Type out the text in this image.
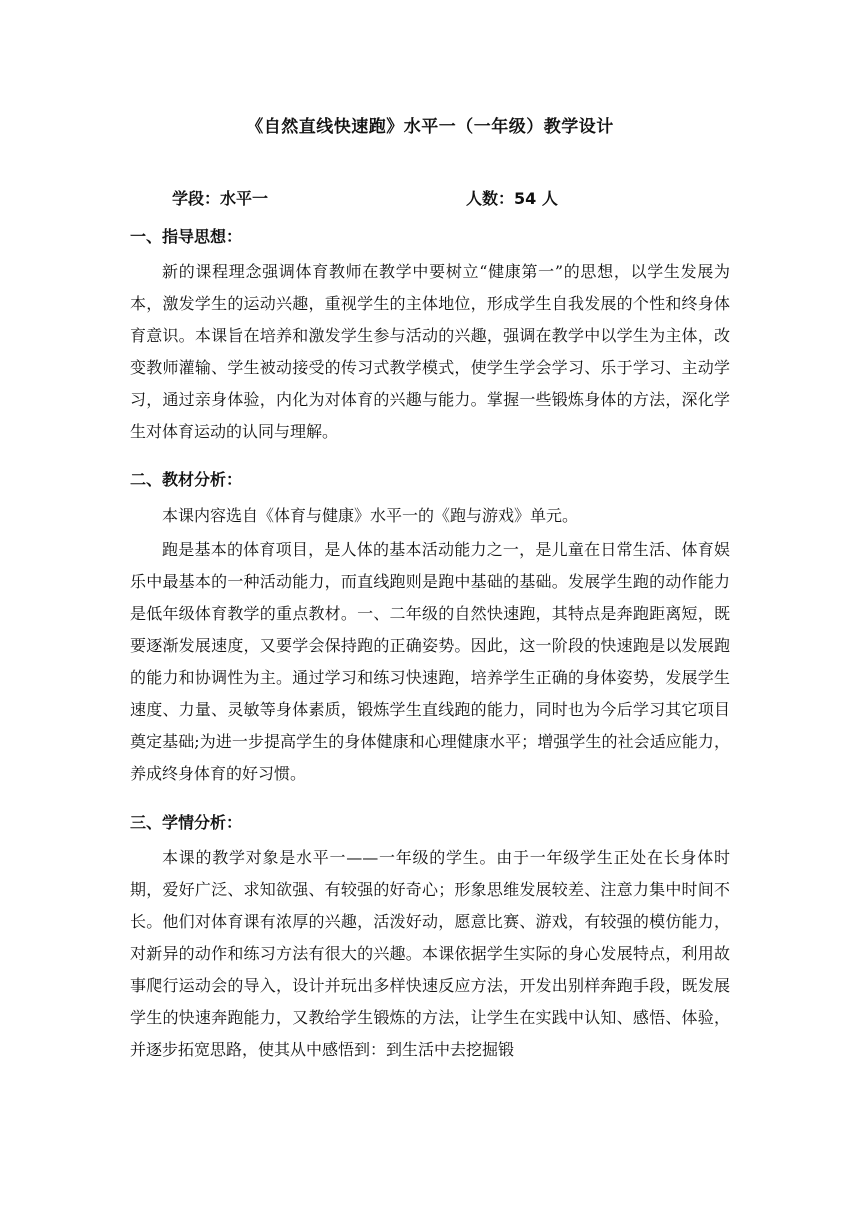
《自然直线快速跑》水平一（一年级）教学设计
学段：水平一	人数：54 人
一、指导思想：

新的课程理念强调体育教师在教学中要树立“健康第一”的思想，以学生发展为本，激发学生的运动兴趣，重视学生的主体地位，形成学生自我发展的个性和终身体育意识。本课旨在培养和激发学生参与活动的兴趣，强调在教学中以学生为主体，改变教师灌输、学生被动接受的传习式教学模式，使学生学会学习、乐于学习、主动学习，通过亲身体验，内化为对体育的兴趣与能力。掌握一些锻炼身体的方法，深化学生对体育运动的认同与理解。

二、教材分析：

本课内容选自《体育与健康》水平一的《跑与游戏》单元。

跑是基本的体育项目，是人体的基本活动能力之一，是儿童在日常生活、体育娱乐中最基本的一种活动能力，而直线跑则是跑中基础的基础。发展学生跑的动作能力是低年级体育教学的重点教材。一、二年级的自然快速跑，其特点是奔跑距离短，既要逐渐发展速度，又要学会保持跑的正确姿势。因此，这一阶段的快速跑是以发展跑的能力和协调性为主。通过学习和练习快速跑，培养学生正确的身体姿势，发展学生速度、力量、灵敏等身体素质，锻炼学生直线跑的能力，同时也为今后学习其它项目奠定基础;为进一步提高学生的身体健康和心理健康水平；增强学生的社会适应能力，养成终身体育的好习惯。

三、学情分析：

本课的教学对象是水平一——一年级的学生。由于一年级学生正处在长身体时期，爱好广泛、求知欲强、有较强的好奇心；形象思维发展较差、注意力集中时间不长。他们对体育课有浓厚的兴趣，活泼好动，愿意比赛、游戏，有较强的模仿能力，对新异的动作和练习方法有很大的兴趣。本课依据学生实际的身心发展特点，利用故事爬行运动会的导入，设计并玩出多样快速反应方法，开发出别样奔跑手段，既发展学生的快速奔跑能力，又教给学生锻炼的方法，让学生在实践中认知、感悟、体验，并逐步拓宽思路，使其从中感悟到：到生活中去挖掘锻
